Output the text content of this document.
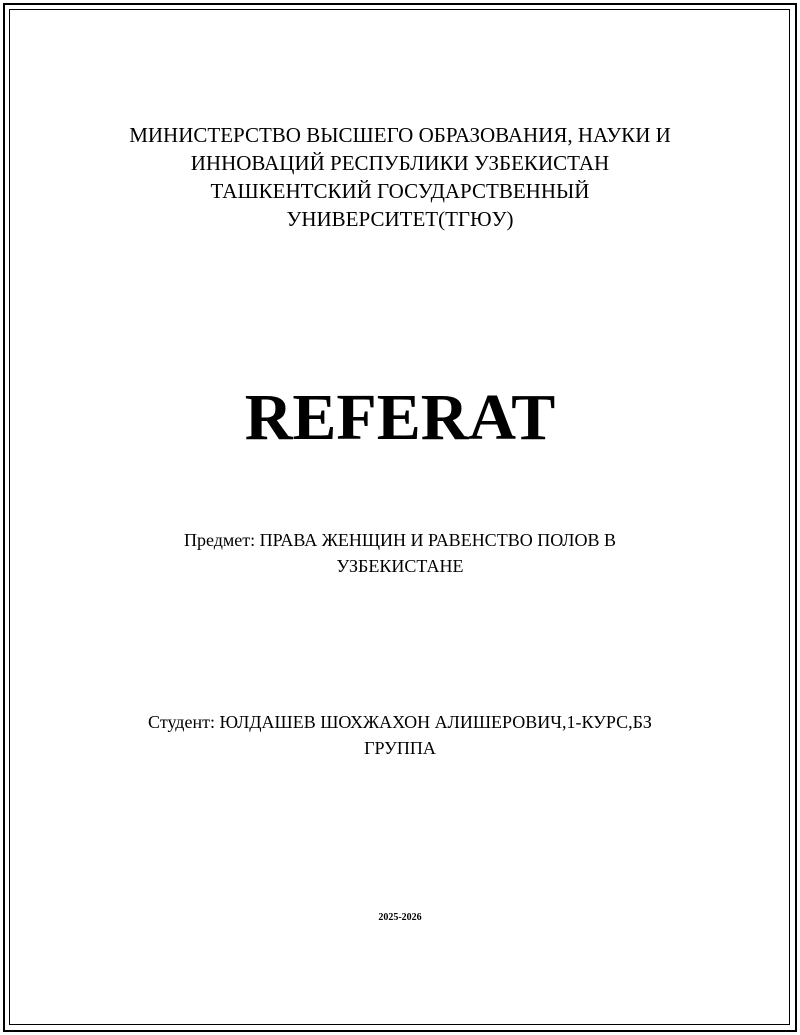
МИНИСТЕРСТВО ВЫСШЕГО ОБРАЗОВАНИЯ, НАУКИ И
ИННОВАЦИЙ РЕСПУБЛИКИ УЗБЕКИСТАН
ТАШКЕНТСКИЙ ГОСУДАРСТВЕННЫЙ
УНИВЕРСИТЕТ(ТГЮУ)
REFERAT
Предмет: ПРАВА ЖЕНЩИН И РАВЕНСТВО ПОЛОВ В
УЗБЕКИСТАНЕ
Студент: ЮЛДАШЕВ ШОХЖАХОН АЛИШЕРОВИЧ,1-КУРС,БЗ
ГРУППА
2025-2026
